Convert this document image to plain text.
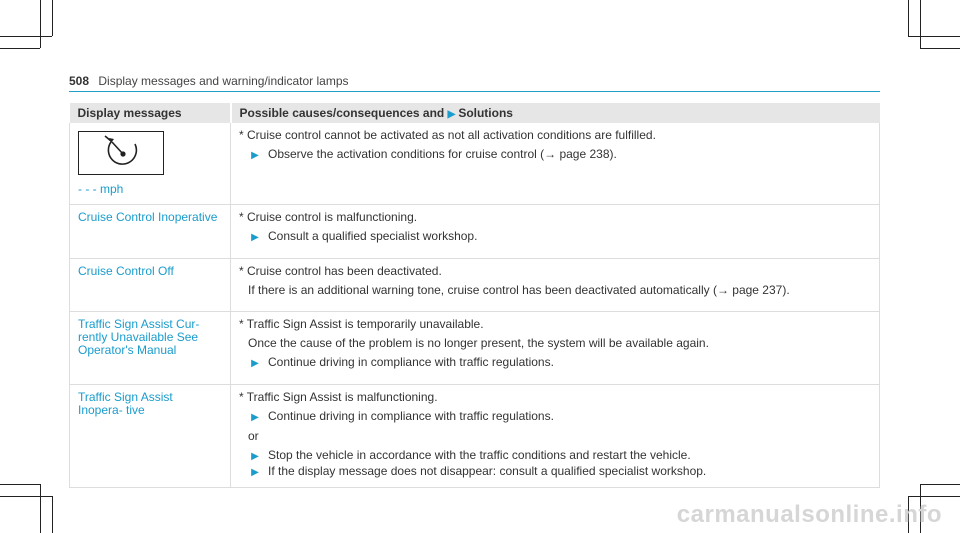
508 Display messages and warning/indicator lamps
Display messages	Possible causes/consequences and ▶ Solutions

- - - mph	* Cruise control cannot be activated as not all activation conditions are fulfilled.
▶ Observe the activation conditions for cruise control (→ page 238).

Cruise Control Inoperative	* Cruise control is malfunctioning.
▶ Consult a qualified specialist workshop.

Cruise Control Off	* Cruise control has been deactivated.
If there is an additional warning tone, cruise control has been deactivated automatically (→ page 237).

Traffic Sign Assist Cur- rently Unavailable See Operator's Manual	* Traffic Sign Assist is temporarily unavailable.
Once the cause of the problem is no longer present, the system will be available again.
▶ Continue driving in compliance with traffic regulations.

Traffic Sign Assist Inopera- tive	* Traffic Sign Assist is malfunctioning.
▶ Continue driving in compliance with traffic regulations.
or
▶ Stop the vehicle in accordance with the traffic conditions and restart the vehicle.
▶ If the display message does not disappear: consult a qualified specialist workshop.
carmanualsonline.info
